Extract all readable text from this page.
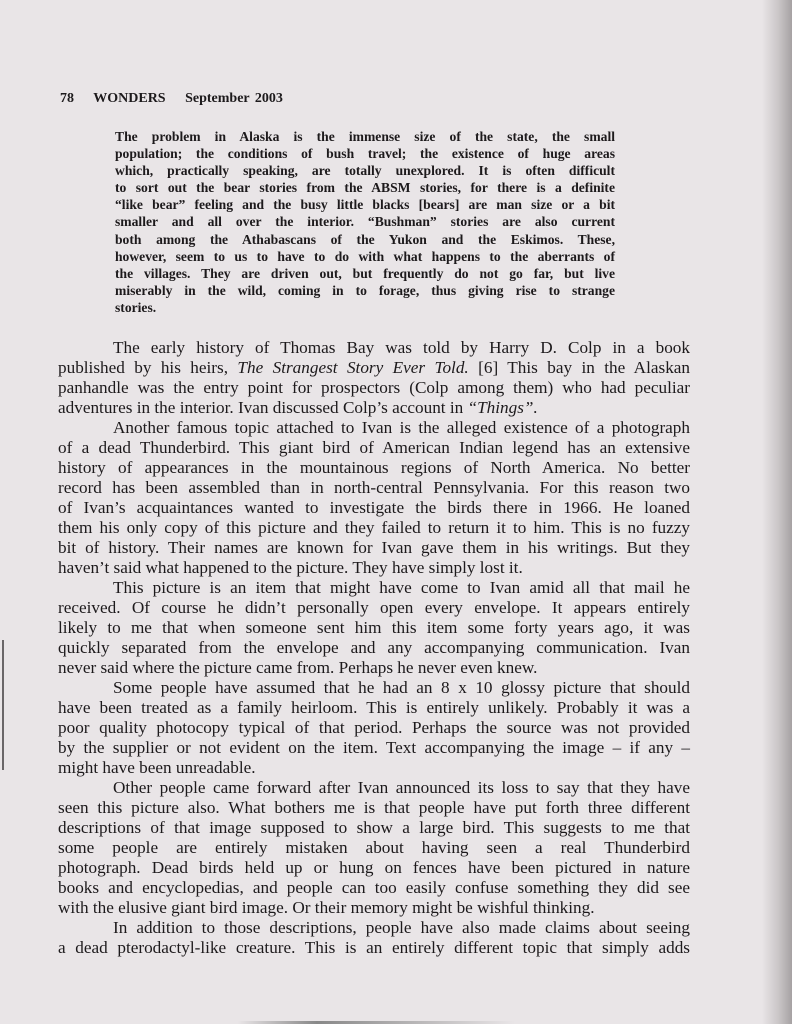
78 WONDERS September 2003
The problem in Alaska is the immense size of the state, the small
population; the conditions of bush travel; the existence of huge areas
which, practically speaking, are totally unexplored. It is often difficult
to sort out the bear stories from the ABSM stories, for there is a definite
“like bear” feeling and the busy little blacks [bears] are man size or a bit
smaller and all over the interior. “Bushman” stories are also current
both among the Athabascans of the Yukon and the Eskimos. These,
however, seem to us to have to do with what happens to the aberrants of
the villages. They are driven out, but frequently do not go far, but live
miserably in the wild, coming in to forage, thus giving rise to strange
stories.
The early history of Thomas Bay was told by Harry D. Colp in a book
published by his heirs, The Strangest Story Ever Told. [6] This bay in the Alaskan
panhandle was the entry point for prospectors (Colp among them) who had peculiar
adventures in the interior. Ivan discussed Colp’s account in “Things”.
Another famous topic attached to Ivan is the alleged existence of a photograph
of a dead Thunderbird. This giant bird of American Indian legend has an extensive
history of appearances in the mountainous regions of North America. No better
record has been assembled than in north-central Pennsylvania. For this reason two
of Ivan’s acquaintances wanted to investigate the birds there in 1966. He loaned
them his only copy of this picture and they failed to return it to him. This is no fuzzy
bit of history. Their names are known for Ivan gave them in his writings. But they
haven’t said what happened to the picture. They have simply lost it.
This picture is an item that might have come to Ivan amid all that mail he
received. Of course he didn’t personally open every envelope. It appears entirely
likely to me that when someone sent him this item some forty years ago, it was
quickly separated from the envelope and any accompanying communication. Ivan
never said where the picture came from. Perhaps he never even knew.
Some people have assumed that he had an 8 x 10 glossy picture that should
have been treated as a family heirloom. This is entirely unlikely. Probably it was a
poor quality photocopy typical of that period. Perhaps the source was not provided
by the supplier or not evident on the item. Text accompanying the image – if any –
might have been unreadable.
Other people came forward after Ivan announced its loss to say that they have
seen this picture also. What bothers me is that people have put forth three different
descriptions of that image supposed to show a large bird. This suggests to me that
some people are entirely mistaken about having seen a real Thunderbird
photograph. Dead birds held up or hung on fences have been pictured in nature
books and encyclopedias, and people can too easily confuse something they did see
with the elusive giant bird image. Or their memory might be wishful thinking.
In addition to those descriptions, people have also made claims about seeing
a dead pterodactyl-like creature. This is an entirely different topic that simply adds
